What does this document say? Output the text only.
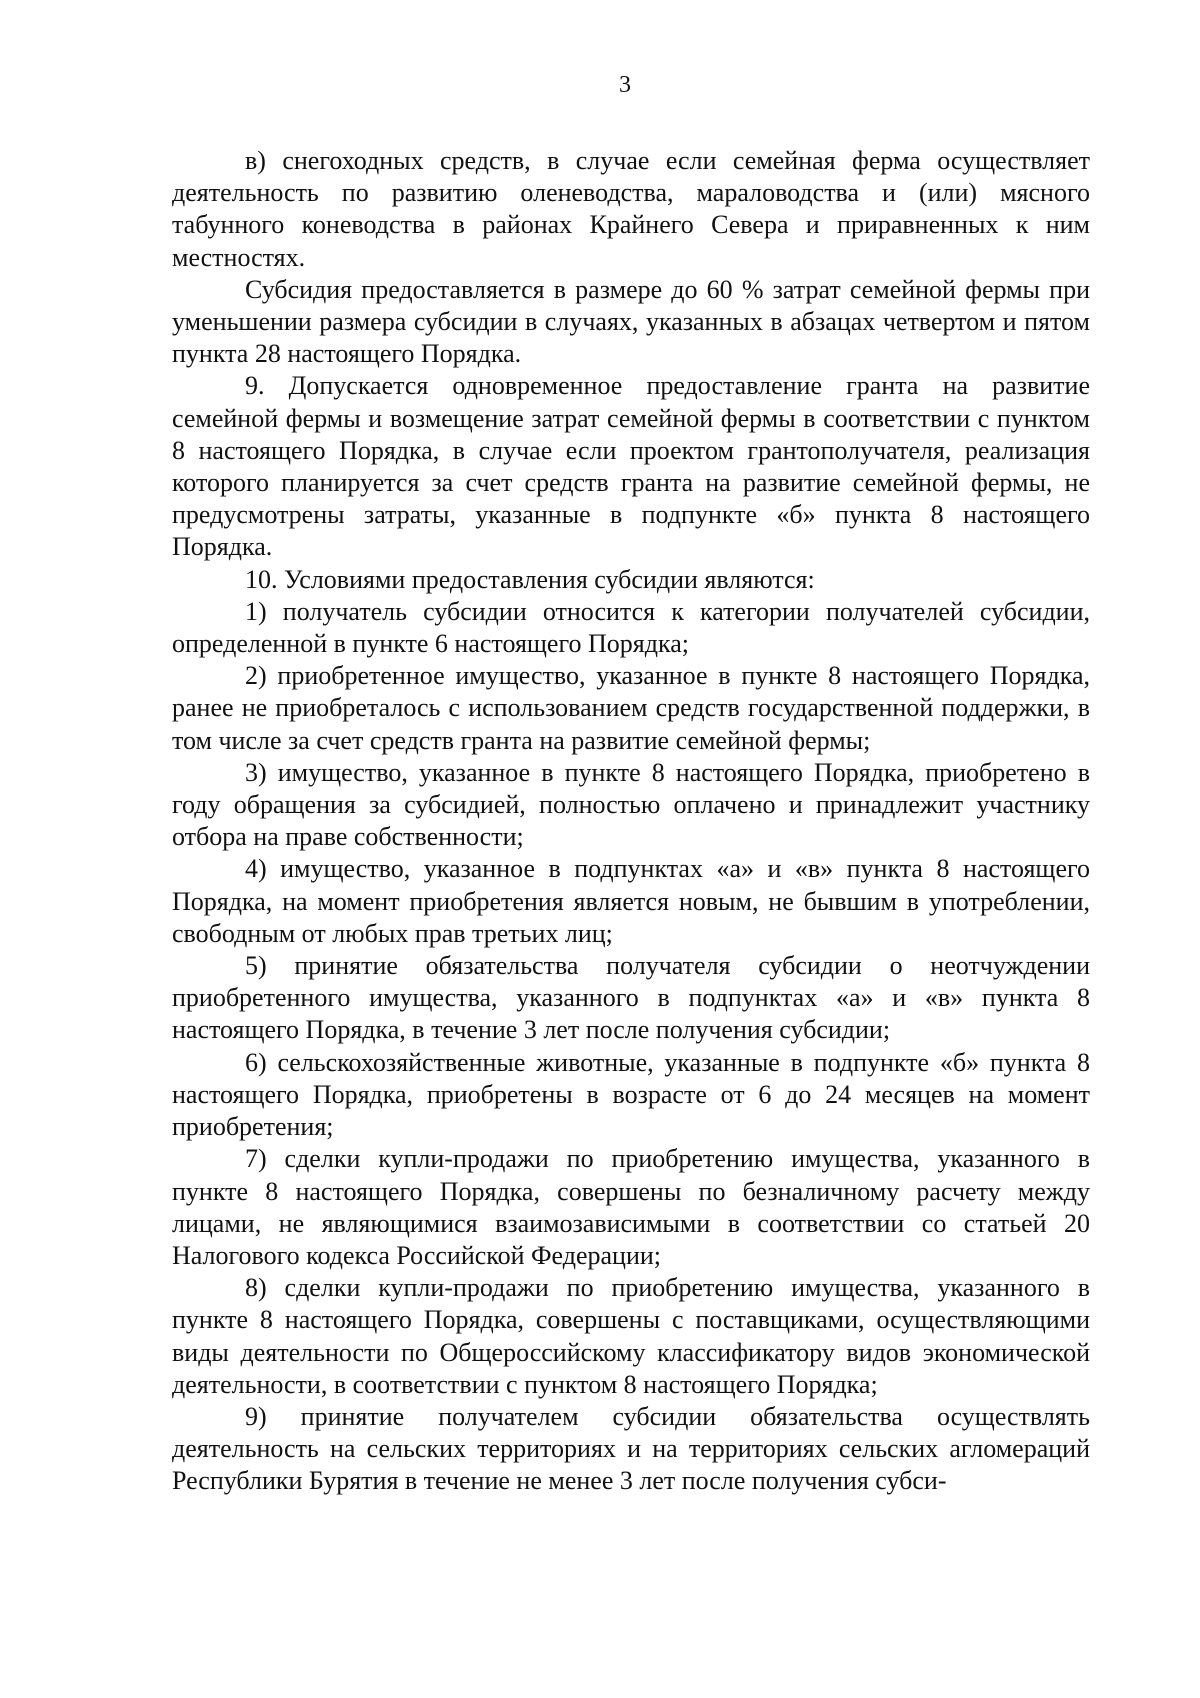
3

в) снегоходных средств, в случае если семейная ферма осуществляет деятельность по развитию оленеводства, мараловодства и (или) мясного табунного коневодства в районах Крайнего Севера и приравненных к ним местностях.

Субсидия предоставляется в размере до 60 % затрат семейной фермы при уменьшении размера субсидии в случаях, указанных в абзацах четвертом и пятом пункта 28 настоящего Порядка.

9. Допускается одновременное предоставление гранта на развитие семейной фермы и возмещение затрат семейной фермы в соответствии с пунктом 8 настоящего Порядка, в случае если проектом грантополучателя, реализация которого планируется за счет средств гранта на развитие семейной фермы, не предусмотрены затраты, указанные в подпункте «б» пункта 8 настоящего Порядка.

10. Условиями предоставления субсидии являются:

1) получатель субсидии относится к категории получателей субсидии, определенной в пункте 6 настоящего Порядка;

2) приобретенное имущество, указанное в пункте 8 настоящего Порядка, ранее не приобреталось с использованием средств государственной поддержки, в том числе за счет средств гранта на развитие семейной фермы;

3) имущество, указанное в пункте 8 настоящего Порядка, приобретено в году обращения за субсидией, полностью оплачено и принадлежит участнику отбора на праве собственности;

4) имущество, указанное в подпунктах «а» и «в» пункта 8 настоящего Порядка, на момент приобретения является новым, не бывшим в употреблении, свободным от любых прав третьих лиц;

5) принятие обязательства получателя субсидии о неотчуждении приобретенного имущества, указанного в подпунктах «а» и «в» пункта 8 настоящего Порядка, в течение 3 лет после получения субсидии;

6) сельскохозяйственные животные, указанные в подпункте «б» пункта 8 настоящего Порядка, приобретены в возрасте от 6 до 24 месяцев на момент приобретения;

7) сделки купли-продажи по приобретению имущества, указанного в пункте 8 настоящего Порядка, совершены по безналичному расчету между лицами, не являющимися взаимозависимыми в соответствии со статьей 20 Налогового кодекса Российской Федерации;

8) сделки купли-продажи по приобретению имущества, указанного в пункте 8 настоящего Порядка, совершены с поставщиками, осуществляющими виды деятельности по Общероссийскому классификатору видов экономической деятельности, в соответствии с пунктом 8 настоящего Порядка;

9) принятие получателем субсидии обязательства осуществлять деятельность на сельских территориях и на территориях сельских агломераций Республики Бурятия в течение не менее 3 лет после получения субси-
